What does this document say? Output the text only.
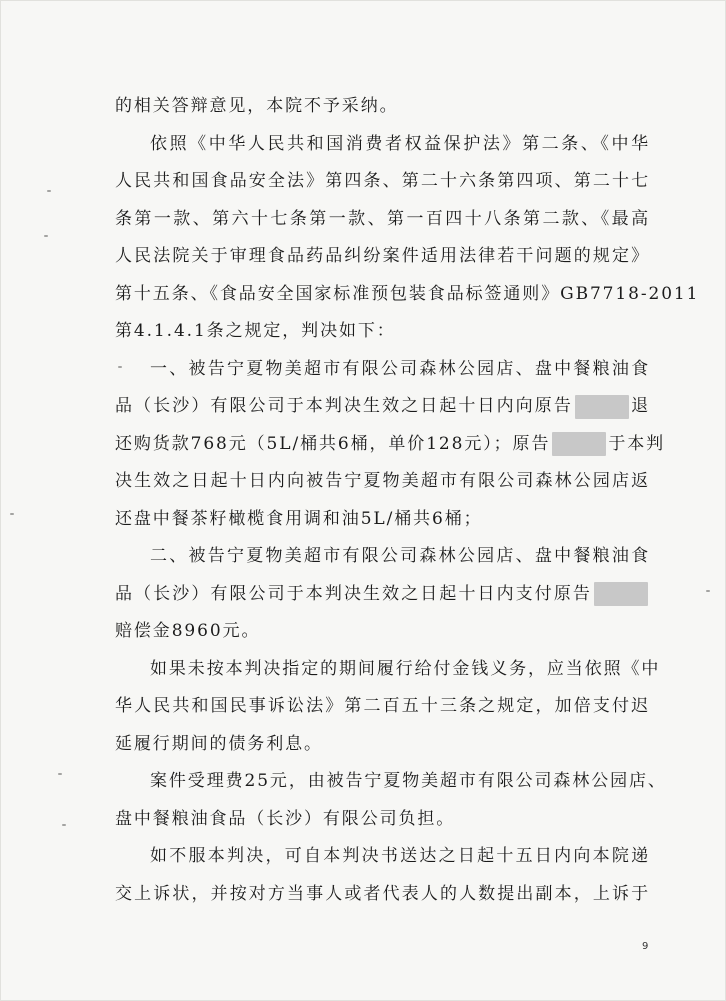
的相关答辩意见，本院不予采纳。
依照《中华人民共和国消费者权益保护法》第二条、《中华
人民共和国食品安全法》第四条、第二十六条第四项、第二十七
条第一款、第六十七条第一款、第一百四十八条第二款、《最高
人民法院关于审理食品药品纠纷案件适用法律若干问题的规定》
第十五条、《食品安全国家标准预包装食品标签通则》GB7718-2011
第4.1.4.1条之规定，判决如下：
一、被告宁夏物美超市有限公司森林公园店、盘中餐粮油食
品（长沙）有限公司于本判决生效之日起十日内向原告	退
还购货款768元（5L/桶共6桶，单价128元）；原告	于本判
决生效之日起十日内向被告宁夏物美超市有限公司森林公园店返
还盘中餐茶籽橄榄食用调和油5L/桶共6桶；
二、被告宁夏物美超市有限公司森林公园店、盘中餐粮油食
品（长沙）有限公司于本判决生效之日起十日内支付原告
赔偿金8960元。
如果未按本判决指定的期间履行给付金钱义务，应当依照《中
华人民共和国民事诉讼法》第二百五十三条之规定，加倍支付迟
延履行期间的债务利息。
案件受理费25元，由被告宁夏物美超市有限公司森林公园店、
盘中餐粮油食品（长沙）有限公司负担。
如不服本判决，可自本判决书送达之日起十五日内向本院递
交上诉状，并按对方当事人或者代表人的人数提出副本，上诉于
9
